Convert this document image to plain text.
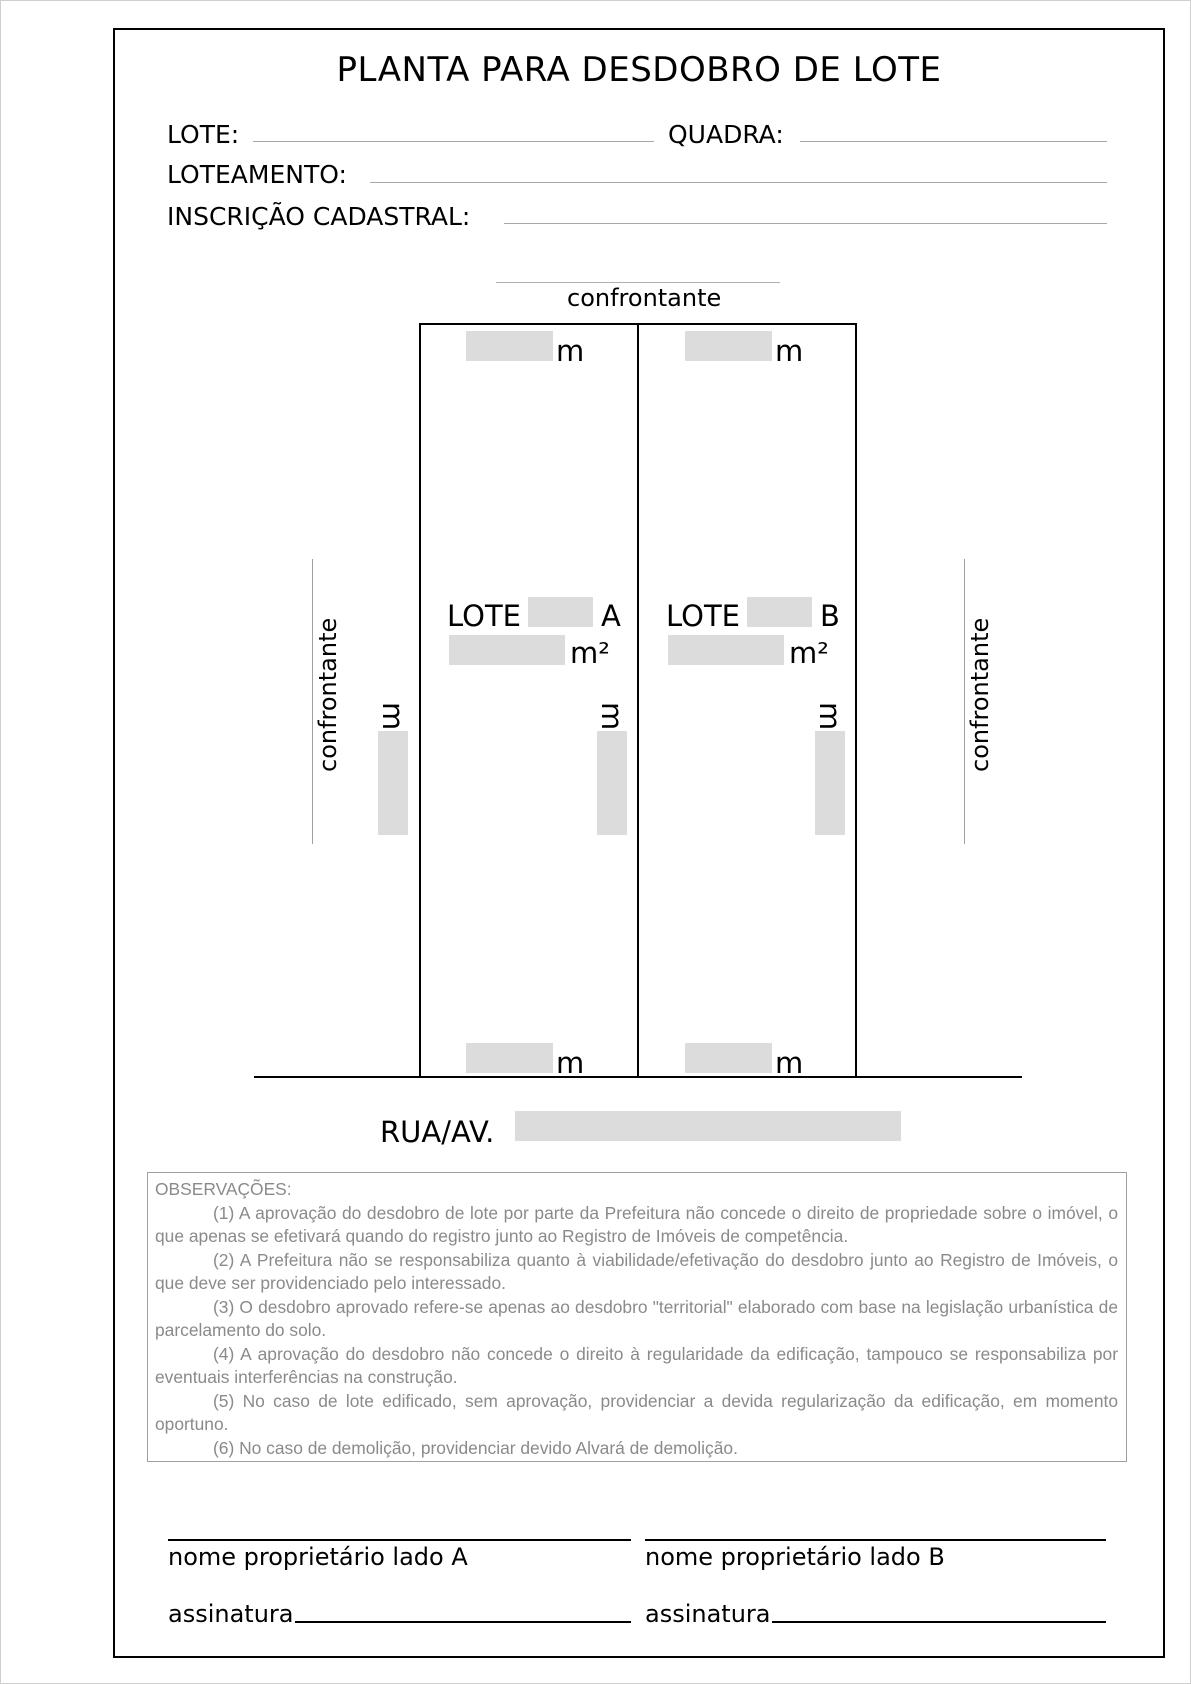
PLANTA PARA DESDOBRO DE LOTE
LOTE:	QUADRA:
LOTEAMENTO:
INSCRIÇÃO CADASTRAL:
confrontante
m	m
m	m
LOTE	A
m²
LOTE	B
m²
confrontante	confrontante
m	m	m
RUA/AV.

OBSERVAÇÕES:

(1) A aprovação do desdobro de lote por parte da Prefeitura não concede o direito de propriedade sobre o imóvel, o que apenas se efetivará quando do registro junto ao Registro de Imóveis de competência.

(2) A Prefeitura não se responsabiliza quanto à viabilidade/efetivação do desdobro junto ao Registro de Imóveis, o que deve ser providenciado pelo interessado.

(3) O desdobro aprovado refere-se apenas ao desdobro "territorial" elaborado com base na legislação urbanística de parcelamento do solo.

(4) A aprovação do desdobro não concede o direito à regularidade da edificação, tampouco se responsabiliza por eventuais interferências na construção.

(5) No caso de lote edificado, sem aprovação, providenciar a devida regularização da edificação, em momento oportuno.

(6) No caso de demolição, providenciar devido Alvará de demolição.

nome proprietário lado A	nome proprietário lado B
assinatura	assinatura
